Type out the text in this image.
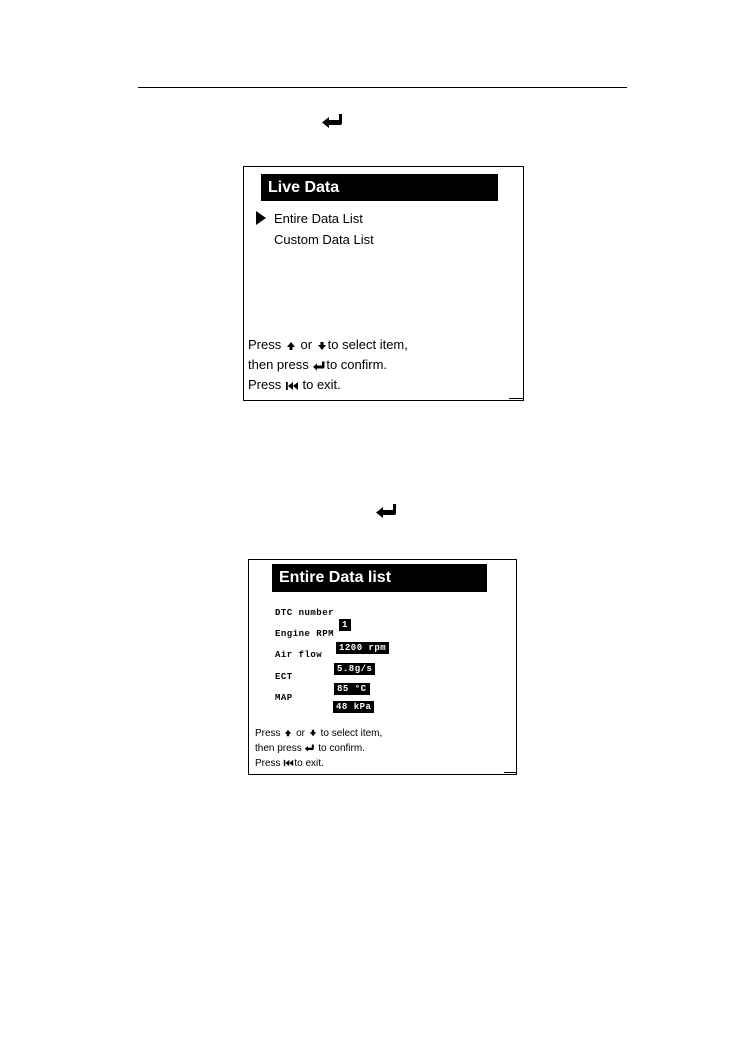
Live Data
Entire Data List
Custom Data List
Press or to select item,
then press to confirm.
Press to exit.
Entire Data list
DTC number
1
Engine RPM
1200 rpm
Air flow
5.8g/s
ECT
85 °C
MAP
48 kPa
Press or to select item,
then press to confirm.
Press to exit.
